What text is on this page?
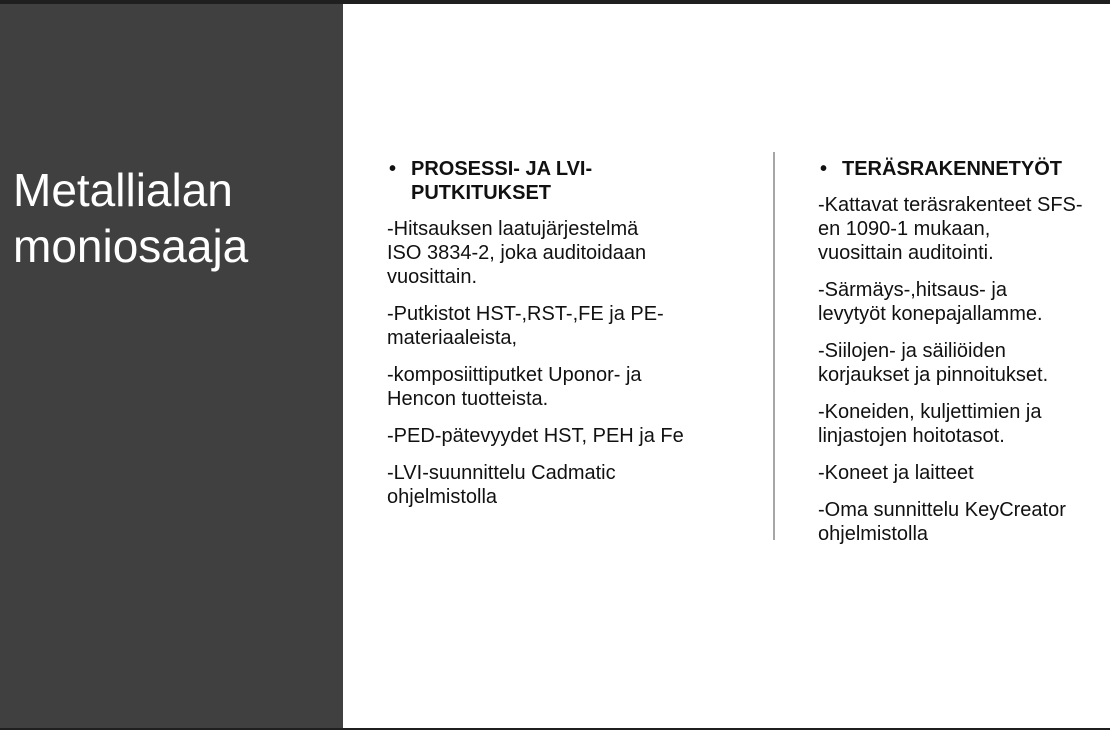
Metallialan
moniosaaja
• PROSESSI- JA LVI-
PUTKITUKSET
-Hitsauksen laatujärjestelmä
ISO 3834-2, joka auditoidaan
vuosittain.
-Putkistot HST-,RST-,FE ja PE-
materiaaleista,
-komposiittiputket Uponor- ja
Hencon tuotteista.
-PED-pätevyydet HST, PEH ja Fe
-LVI-suunnittelu Cadmatic
ohjelmistolla
• TERÄSRAKENNETYÖT
-Kattavat teräsrakenteet SFS-
en 1090-1 mukaan,
vuosittain auditointi.
-Särmäys-,hitsaus- ja
levytyöt konepajallamme.
-Siilojen- ja säiliöiden
korjaukset ja pinnoitukset.
-Koneiden, kuljettimien ja
linjastojen hoitotasot.
-Koneet ja laitteet
-Oma sunnittelu KeyCreator
ohjelmistolla
